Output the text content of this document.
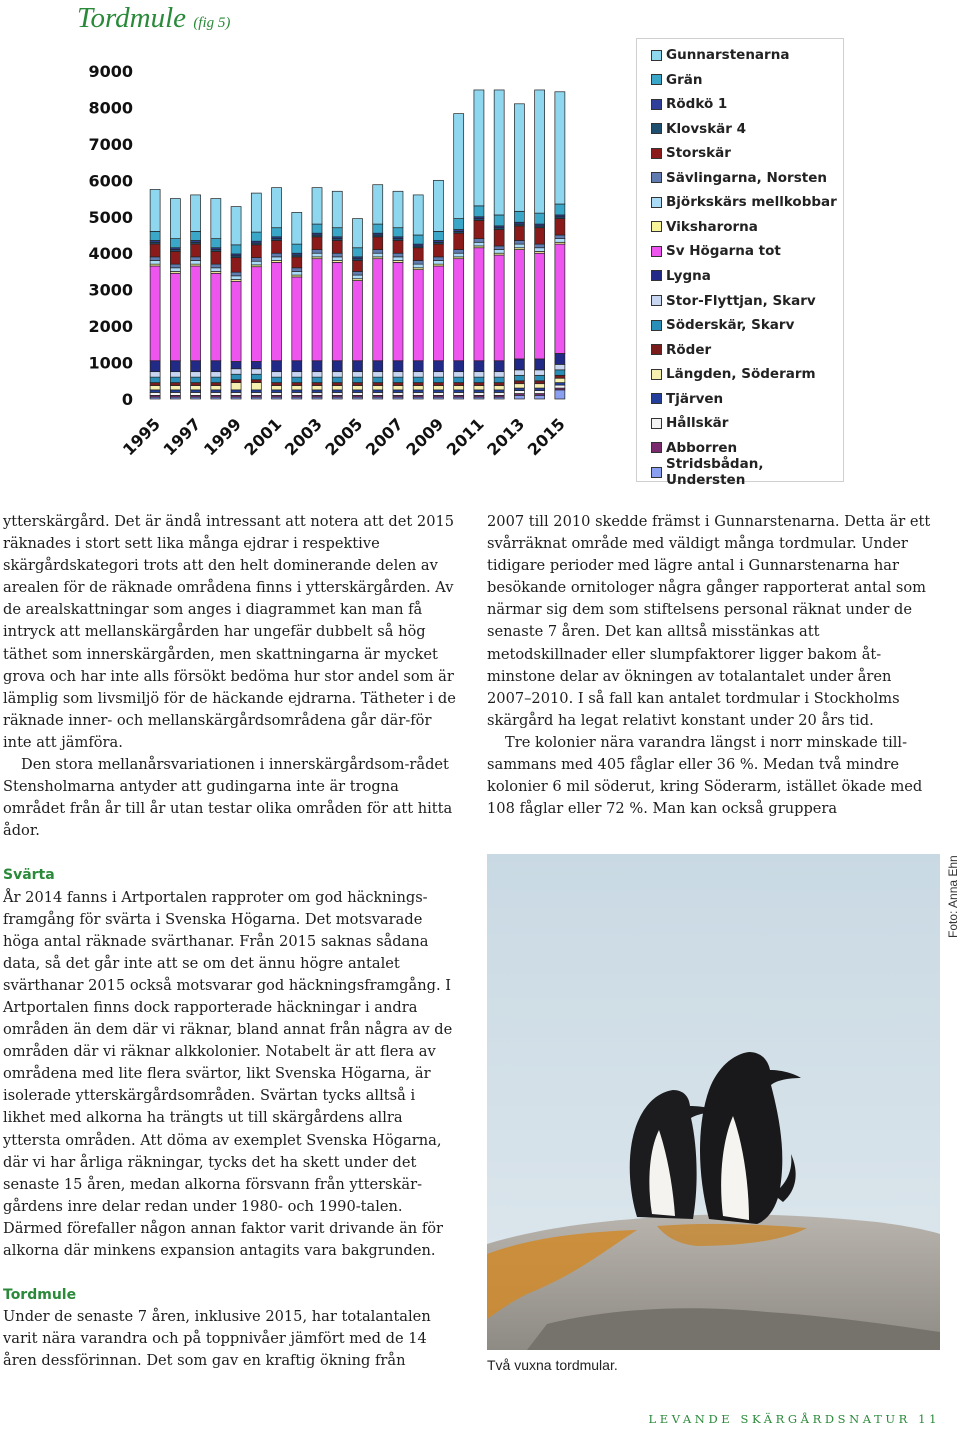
Tordmule (fig 5)
0
1000
2000
3000
4000
5000
6000
7000
8000
9000
1995
1997
1999
2001
2003
2005
2007
2009
2011
2013
2015
Gunnarstenarna
Grän
Rödkö 1
Klovskär 4
Storskär
Sävlingarna, Norsten
Björkskärs mellkobbar
Viksharorna
Sv Högarna tot
Lygna
Stor-Flyttjan, Skarv
Söderskär, Skarv
Röder
Längden, Söderarm
Tjärven
Hållskär
Abborren
Stridsbådan, Understen

ytterskärgård. Det är ändå intressant att notera att det 2015 räknades i stort sett lika många ejdrar i respektive skärgårdskategori trots att den helt dominerande delen av arealen för de räknade områdena finns i ytterskärgården. Av de arealskattningar som anges i diagrammet kan man få intryck att mellanskärgården har ungefär dubbelt så hög täthet som innerskärgården, men skattningarna är mycket grova och har inte alls försökt bedöma hur stor andel som är lämplig som livsmiljö för de häckande ejdrarna. Tätheter i de räknade inner- och mellanskärgårdsområdena går där-för inte att jämföra.

Den stora mellanårsvariationen i innerskärgårdsom-rådet Stensholmarna antyder att gudingarna inte är trogna området från år till år utan testar olika områden för att hitta ådor.

Svärta

År 2014 fanns i Artportalen rapproter om god häcknings-framgång för svärta i Svenska Högarna. Det motsvarade höga antal räknade svärthanar. Från 2015 saknas sådana data, så det går inte att se om det ännu högre antalet svärthanar 2015 också motsvarar god häckningsframgång. I Artportalen finns dock rapporterade häckningar i andra områden än dem där vi räknar, bland annat från några av de områden där vi räknar alkkolonier. Notabelt är att flera av områdena med lite flera svärtor, likt Svenska Högarna, är isolerade ytterskärgårdsområden. Svärtan tycks alltså i likhet med alkorna ha trängts ut till skärgårdens allra yttersta områden. Att döma av exemplet Svenska Högarna, där vi har årliga räkningar, tycks det ha skett under det senaste 15 åren, medan alkorna försvann från ytterskär-gårdens inre delar redan under 1980- och 1990-talen. Därmed förefaller någon annan faktor varit drivande än för alkorna där minkens expansion antagits vara bakgrunden.

Tordmule

Under de senaste 7 åren, inklusive 2015, har totalantalen varit nära varandra och på toppnivåer jämfört med de 14 åren dessförinnan. Det som gav en kraftig ökning från

2007 till 2010 skedde främst i Gunnarstenarna. Detta är ett svårräknat område med väldigt många tordmular. Under tidigare perioder med lägre antal i Gunnarstenarna har besökande ornitologer några gånger rapporterat antal som närmar sig dem som stiftelsens personal räknat under de senaste 7 åren. Det kan alltså misstänkas att metodskillnader eller slumpfaktorer ligger bakom åt-minstone delar av ökningen av totalantalet under åren 2007–2010. I så fall kan antalet tordmular i Stockholms skärgård ha legat relativt konstant under 20 års tid.

Tre kolonier nära varandra längst i norr minskade till-sammans med 405 fåglar eller 36 %. Medan två mindre kolonier 6 mil söderut, kring Söderarm, istället ökade med 108 fåglar eller 72 %. Man kan också gruppera

Två vuxna tordmular.
Foto: Anna Ehn
LEVANDE SKÄRGÅRDSNATUR 11
